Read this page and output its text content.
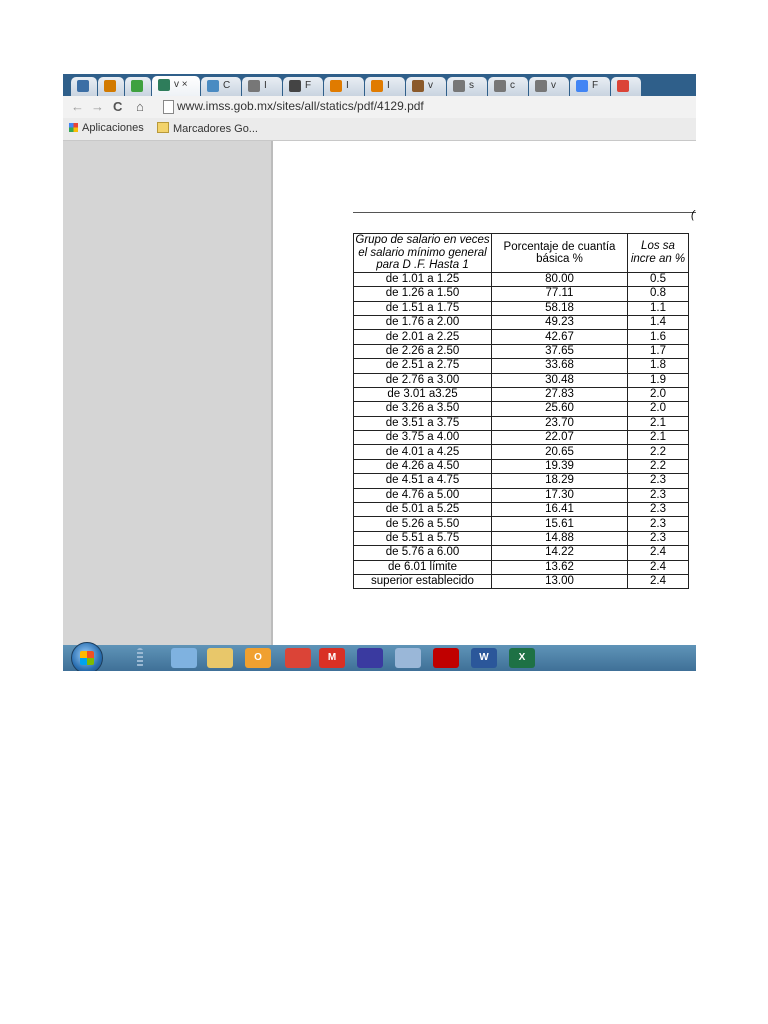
v ×	C	I	F	I	I	v	s	c	v	F
← → C ⌂	www.imss.gob.mx/sites/all/statics/pdf/4129.pdf
Aplicaciones	Marcadores Go...
(
Grupo de salario en veces el salario mínimo general para D .F. Hasta 1	Porcentaje de cuantía básica %	Los sa incre an %
de 1.01 a 1.25	80.00	0.5
de 1.26 a 1.50	77.11	0.8
de 1.51 a 1.75	58.18	1.1
de 1.76 a 2.00	49.23	1.4
de 2.01 a 2.25	42.67	1.6
de 2.26 a 2.50	37.65	1.7
de 2.51 a 2.75	33.68	1.8
de 2.76 a 3.00	30.48	1.9
de 3.01 a3.25	27.83	2.0
de 3.26 a 3.50	25.60	2.0
de 3.51 a 3.75	23.70	2.1
de 3.75 a 4.00	22.07	2.1
de 4.01 a 4.25	20.65	2.2
de 4.26 a 4.50	19.39	2.2
de 4.51 a 4.75	18.29	2.3
de 4.76 a 5.00	17.30	2.3
de 5.01 a 5.25	16.41	2.3
de 5.26 a 5.50	15.61	2.3
de 5.51 a 5.75	14.88	2.3
de 5.76 a 6.00	14.22	2.4
de 6.01 límite	13.62	2.4
superior establecido	13.00	2.4
O	M	W	X
